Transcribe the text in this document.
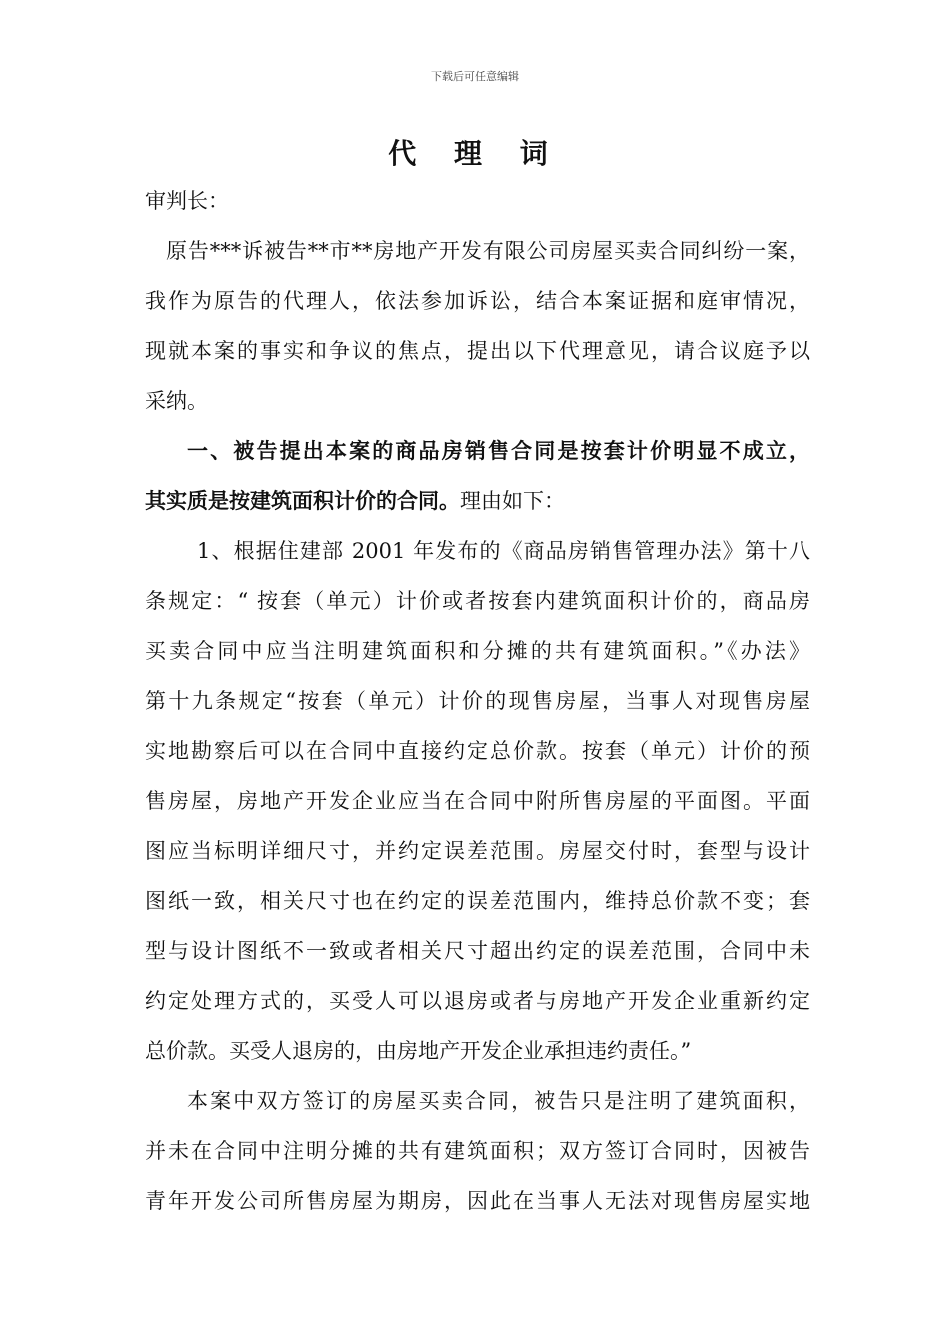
下载后可任意编辑
代 理 词
审判长：
原告***诉被告**市**房地产开发有限公司房屋买卖合同纠纷一案，
我作为原告的代理人，依法参加诉讼，结合本案证据和庭审情况，
现就本案的事实和争议的焦点，提出以下代理意见，请合议庭予以
采纳。
一、被告提出本案的商品房销售合同是按套计价明显不成立，
其实质是按建筑面积计价的合同。理由如下：
1、根据住建部 2001 年发布的《商品房销售管理办法》第十八
条规定：“ 按套（单元）计价或者按套内建筑面积计价的，商品房
买卖合同中应当注明建筑面积和分摊的共有建筑面积。”《办法》
第十九条规定“按套（单元）计价的现售房屋，当事人对现售房屋
实地勘察后可以在合同中直接约定总价款。按套（单元）计价的预
售房屋，房地产开发企业应当在合同中附所售房屋的平面图。平面
图应当标明详细尺寸，并约定误差范围。房屋交付时，套型与设计
图纸一致，相关尺寸也在约定的误差范围内，维持总价款不变；套
型与设计图纸不一致或者相关尺寸超出约定的误差范围，合同中未
约定处理方式的，买受人可以退房或者与房地产开发企业重新约定
总价款。买受人退房的，由房地产开发企业承担违约责任。”
本案中双方签订的房屋买卖合同，被告只是注明了建筑面积，
并未在合同中注明分摊的共有建筑面积；双方签订合同时，因被告
青年开发公司所售房屋为期房，因此在当事人无法对现售房屋实地
